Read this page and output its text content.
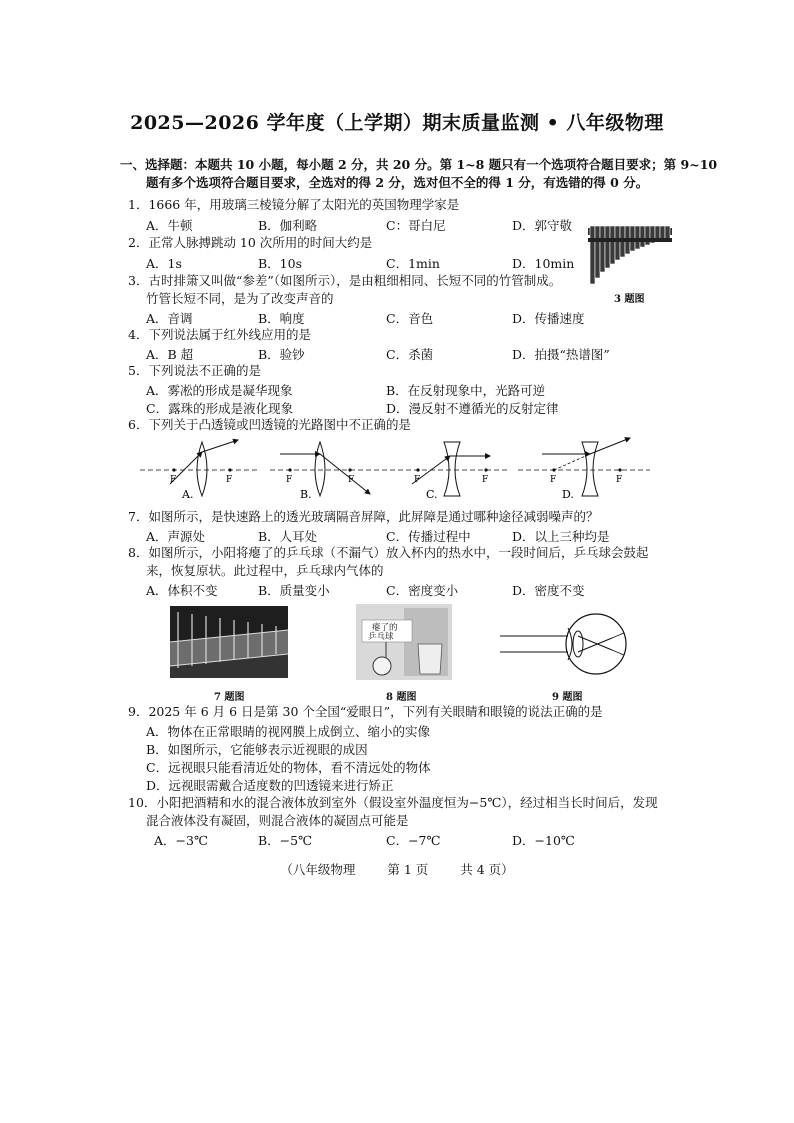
2025—2026 学年度（上学期）期末质量监测 • 八年级物理
一、选择题：本题共 10 小题，每小题 2 分，共 20 分。第 1~8 题只有一个选项符合题目要求；第 9~10
题有多个选项符合题目要求，全选对的得 2 分，选对但不全的得 1 分，有选错的得 0 分。
1．1666 年，用玻璃三棱镜分解了太阳光的英国物理学家是
A．牛顿	B．伽利略	C：哥白尼	D．郭守敬
2．正常人脉搏跳动 10 次所用的时间大约是
A．1s	B．10s	C．1min	D．10min
3 题图
3．古时排箫又叫做“参差”（如图所示），是由粗细相同、长短不同的竹管制成。
竹管长短不同，是为了改变声音的
A．音调	B．响度	C．音色	D．传播速度
4．下列说法属于红外线应用的是
A．B 超	B．验钞	C．杀菌	D．拍摄“热谱图”
5．下列说法不正确的是
A．雾凇的形成是凝华现象	B．在反射现象中，光路可逆
C．露珠的形成是液化现象	D．漫反射不遵循光的反射定律
6．下列关于凸透镜或凹透镜的光路图中不正确的是
F	F
A.
F	F
B.
F	F
C.
F	F
D.
7．如图所示，是快速路上的透光玻璃隔音屏障，此屏障是通过哪种途径减弱噪声的？
A．声源处	B．人耳处	C．传播过程中	D．以上三种均是
8．如图所示，小阳将瘪了的乒乓球（不漏气）放入杯内的热水中，一段时间后，乒乓球会鼓起
来，恢复原状。此过程中，乒乓球内气体的
A．体积不变	B．质量变小	C．密度变小	D．密度不变
7 题图
瘪了的
乒乓球
8 题图	9 题图
9．2025 年 6 月 6 日是第 30 个全国“爱眼日”，下列有关眼睛和眼镜的说法正确的是
A．物体在正常眼睛的视网膜上成倒立、缩小的实像
B．如图所示，它能够表示近视眼的成因
C．远视眼只能看清近处的物体，看不清远处的物体
D．远视眼需戴合适度数的凹透镜来进行矫正
10．小阳把酒精和水的混合液体放到室外（假设室外温度恒为−5℃），经过相当长时间后，发现
混合液体没有凝固，则混合液体的凝固点可能是
A．−3℃	B．−5℃	C．−7℃	D．−10℃
（八年级物理	第 1 页	共 4 页）
